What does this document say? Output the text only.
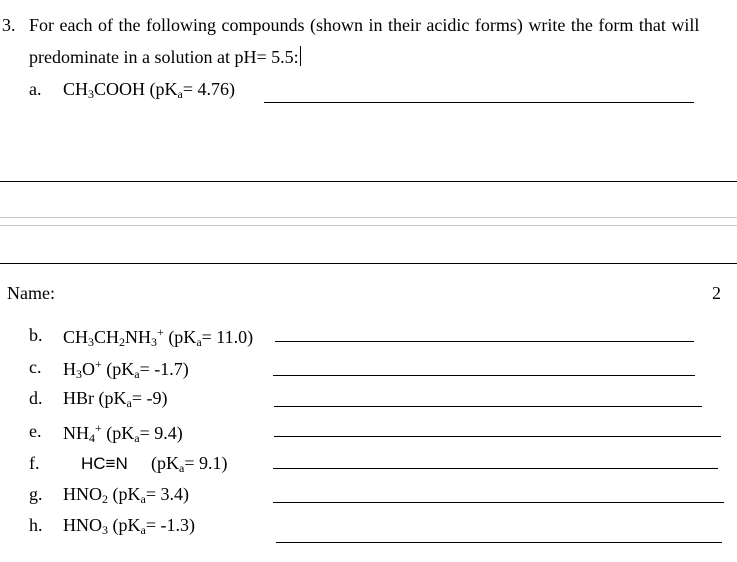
3. For each of the following compounds (shown in their acidic forms) write the form that will
predominate in a solution at pH= 5.5:
a. $CH_3COOH$ $(pK_a= 4.76)$
Name:	2
b. $CH_3CH_2NH_3^+$ $(pK_a= 11.0)$
c. $H_3O^+$ $(pK_a= -1.7)$
d. HBr $(pK_a= -9)$
e. $NH_4^+$ $(pK_a= 9.4)$
f. HC≡N $(pK_a= 9.1)$
g. $HNO_2$ $(pK_a= 3.4)$
h. $HNO_3$ $(pK_a= -1.3)$
